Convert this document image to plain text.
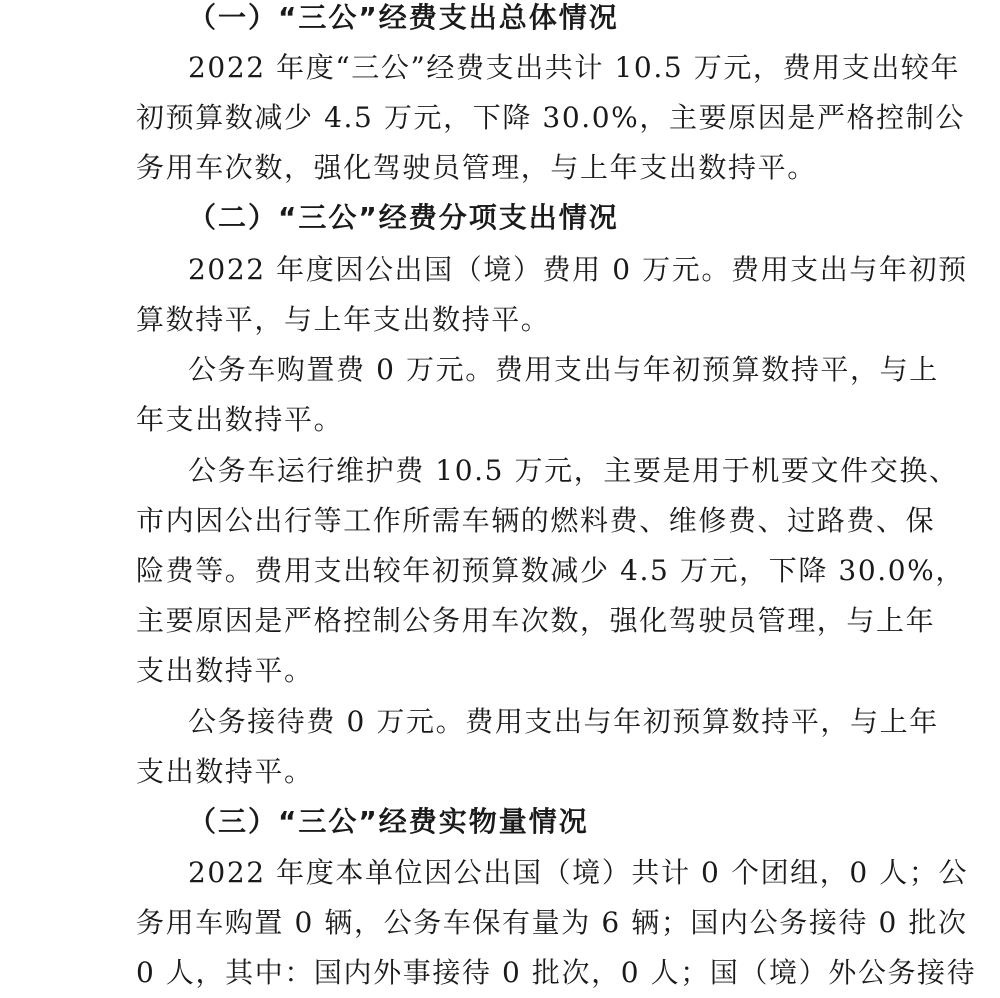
（一）“三公”经费支出总体情况
2022 年度“三公”经费支出共计 10.5 万元，费用支出较年
初预算数减少 4.5 万元，下降 30.0%，主要原因是严格控制公
务用车次数，强化驾驶员管理，与上年支出数持平。
（二）“三公”经费分项支出情况
2022 年度因公出国（境）费用 0 万元。费用支出与年初预
算数持平，与上年支出数持平。
公务车购置费 0 万元。费用支出与年初预算数持平，与上
年支出数持平。
公务车运行维护费 10.5 万元，主要是用于机要文件交换、
市内因公出行等工作所需车辆的燃料费、维修费、过路费、保
险费等。费用支出较年初预算数减少 4.5 万元，下降 30.0%，
主要原因是严格控制公务用车次数，强化驾驶员管理，与上年
支出数持平。
公务接待费 0 万元。费用支出与年初预算数持平，与上年
支出数持平。
（三）“三公”经费实物量情况
2022 年度本单位因公出国（境）共计 0 个团组，0 人；公
务用车购置 0 辆，公务车保有量为 6 辆；国内公务接待 0 批次
0 人，其中：国内外事接待 0 批次，0 人；国（境）外公务接待
